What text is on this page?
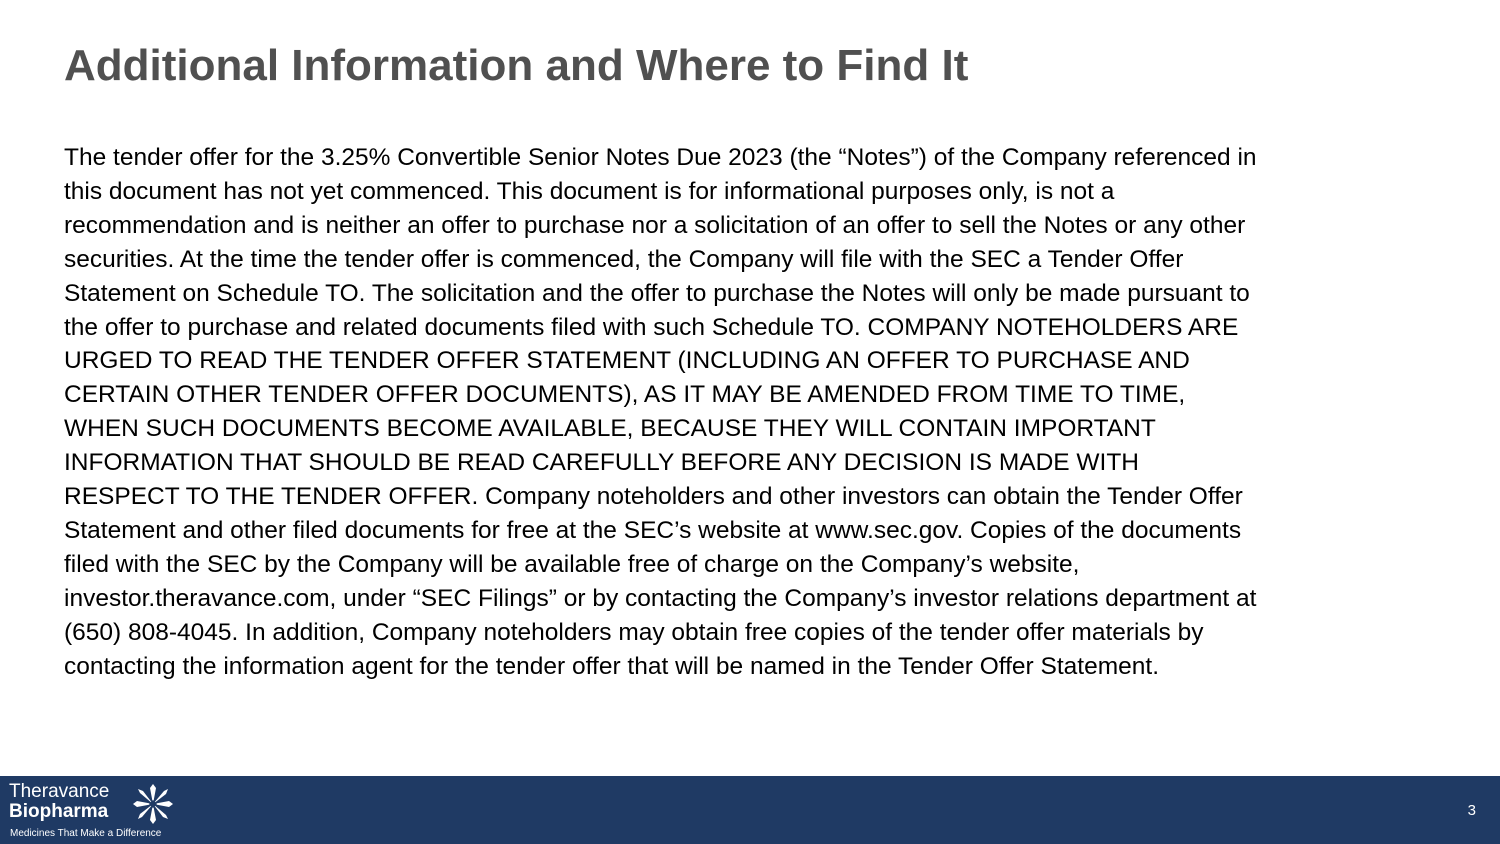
Additional Information and Where to Find It
The tender offer for the 3.25% Convertible Senior Notes Due 2023 (the “Notes”) of the Company referenced in
this document has not yet commenced. This document is for informational purposes only, is not a
recommendation and is neither an offer to purchase nor a solicitation of an offer to sell the Notes or any other
securities. At the time the tender offer is commenced, the Company will file with the SEC a Tender Offer
Statement on Schedule TO. The solicitation and the offer to purchase the Notes will only be made pursuant to
the offer to purchase and related documents filed with such Schedule TO. COMPANY NOTEHOLDERS ARE
URGED TO READ THE TENDER OFFER STATEMENT (INCLUDING AN OFFER TO PURCHASE AND
CERTAIN OTHER TENDER OFFER DOCUMENTS), AS IT MAY BE AMENDED FROM TIME TO TIME,
WHEN SUCH DOCUMENTS BECOME AVAILABLE, BECAUSE THEY WILL CONTAIN IMPORTANT
INFORMATION THAT SHOULD BE READ CAREFULLY BEFORE ANY DECISION IS MADE WITH
RESPECT TO THE TENDER OFFER. Company noteholders and other investors can obtain the Tender Offer
Statement and other filed documents for free at the SEC’s website at www.sec.gov. Copies of the documents
filed with the SEC by the Company will be available free of charge on the Company’s website,
investor.theravance.com, under “SEC Filings” or by contacting the Company’s investor relations department at
(650) 808-4045. In addition, Company noteholders may obtain free copies of the tender offer materials by
contacting the information agent for the tender offer that will be named in the Tender Offer Statement.
Theravance
Biopharma
Medicines That Make a Difference
3
